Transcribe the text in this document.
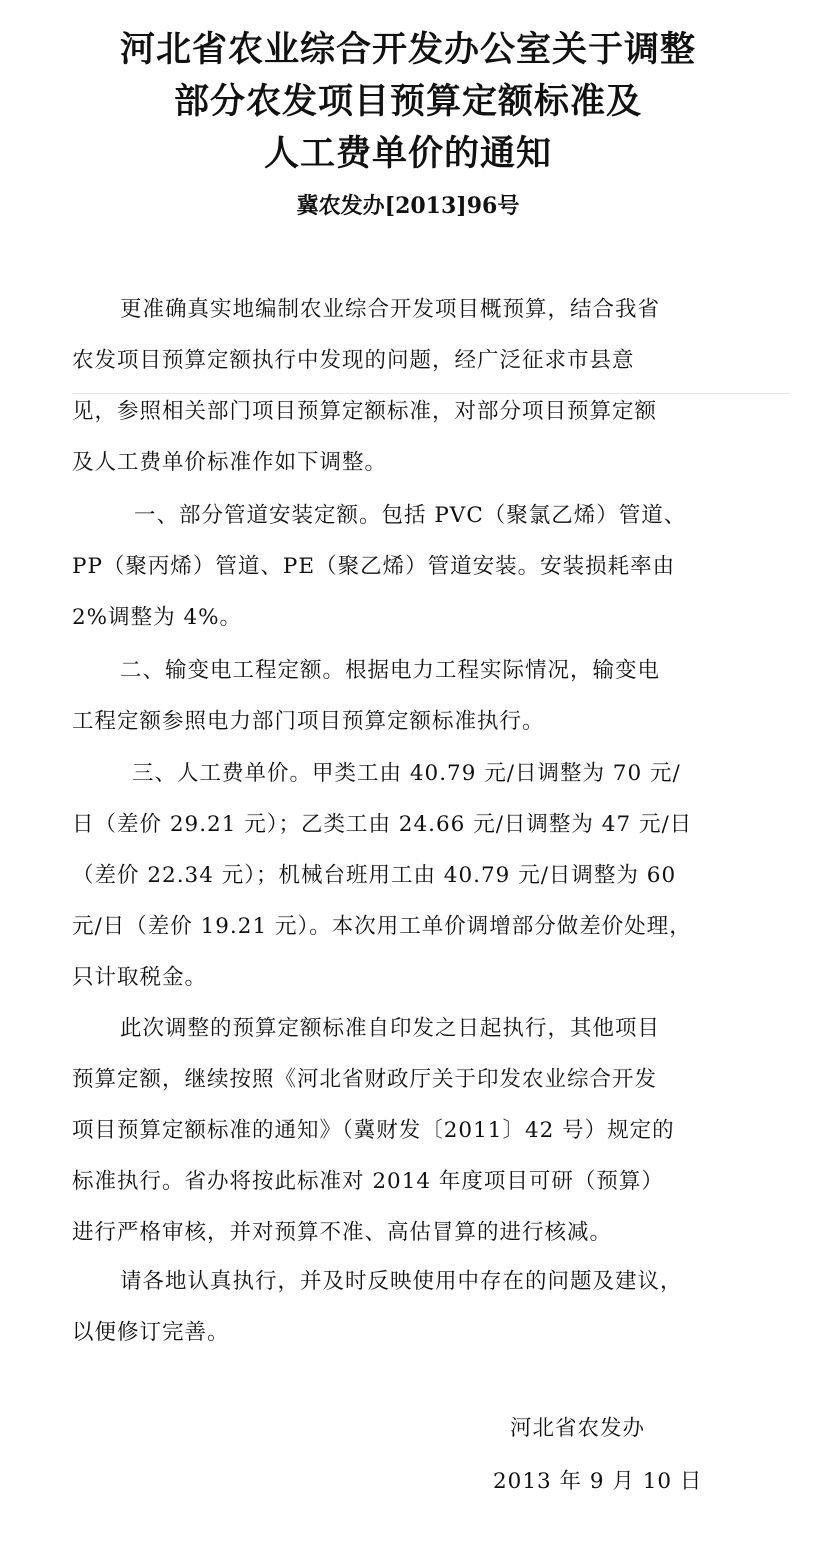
河北省农业综合开发办公室关于调整
部分农发项目预算定额标准及
人工费单价的通知
冀农发办[2013]96号
更准确真实地编制农业综合开发项目概预算，结合我省
农发项目预算定额执行中发现的问题，经广泛征求市县意
见，参照相关部门项目预算定额标准，对部分项目预算定额
及人工费单价标准作如下调整。
一、部分管道安装定额。包括 PVC（聚氯乙烯）管道、
PP（聚丙烯）管道、PE（聚乙烯）管道安装。安装损耗率由
2%调整为 4%。
二、输变电工程定额。根据电力工程实际情况，输变电
工程定额参照电力部门项目预算定额标准执行。
三、人工费单价。甲类工由 40.79 元/日调整为 70 元/
日（差价 29.21 元）；乙类工由 24.66 元/日调整为 47 元/日
（差价 22.34 元）；机械台班用工由 40.79 元/日调整为 60
元/日（差价 19.21 元）。本次用工单价调增部分做差价处理，
只计取税金。
此次调整的预算定额标准自印发之日起执行，其他项目
预算定额，继续按照《河北省财政厅关于印发农业综合开发
项目预算定额标准的通知》（冀财发〔2011〕42 号）规定的
标准执行。省办将按此标准对 2014 年度项目可研（预算）
进行严格审核，并对预算不准、高估冒算的进行核减。
请各地认真执行，并及时反映使用中存在的问题及建议，
以便修订完善。
河北省农发办
2013 年 9 月 10 日
